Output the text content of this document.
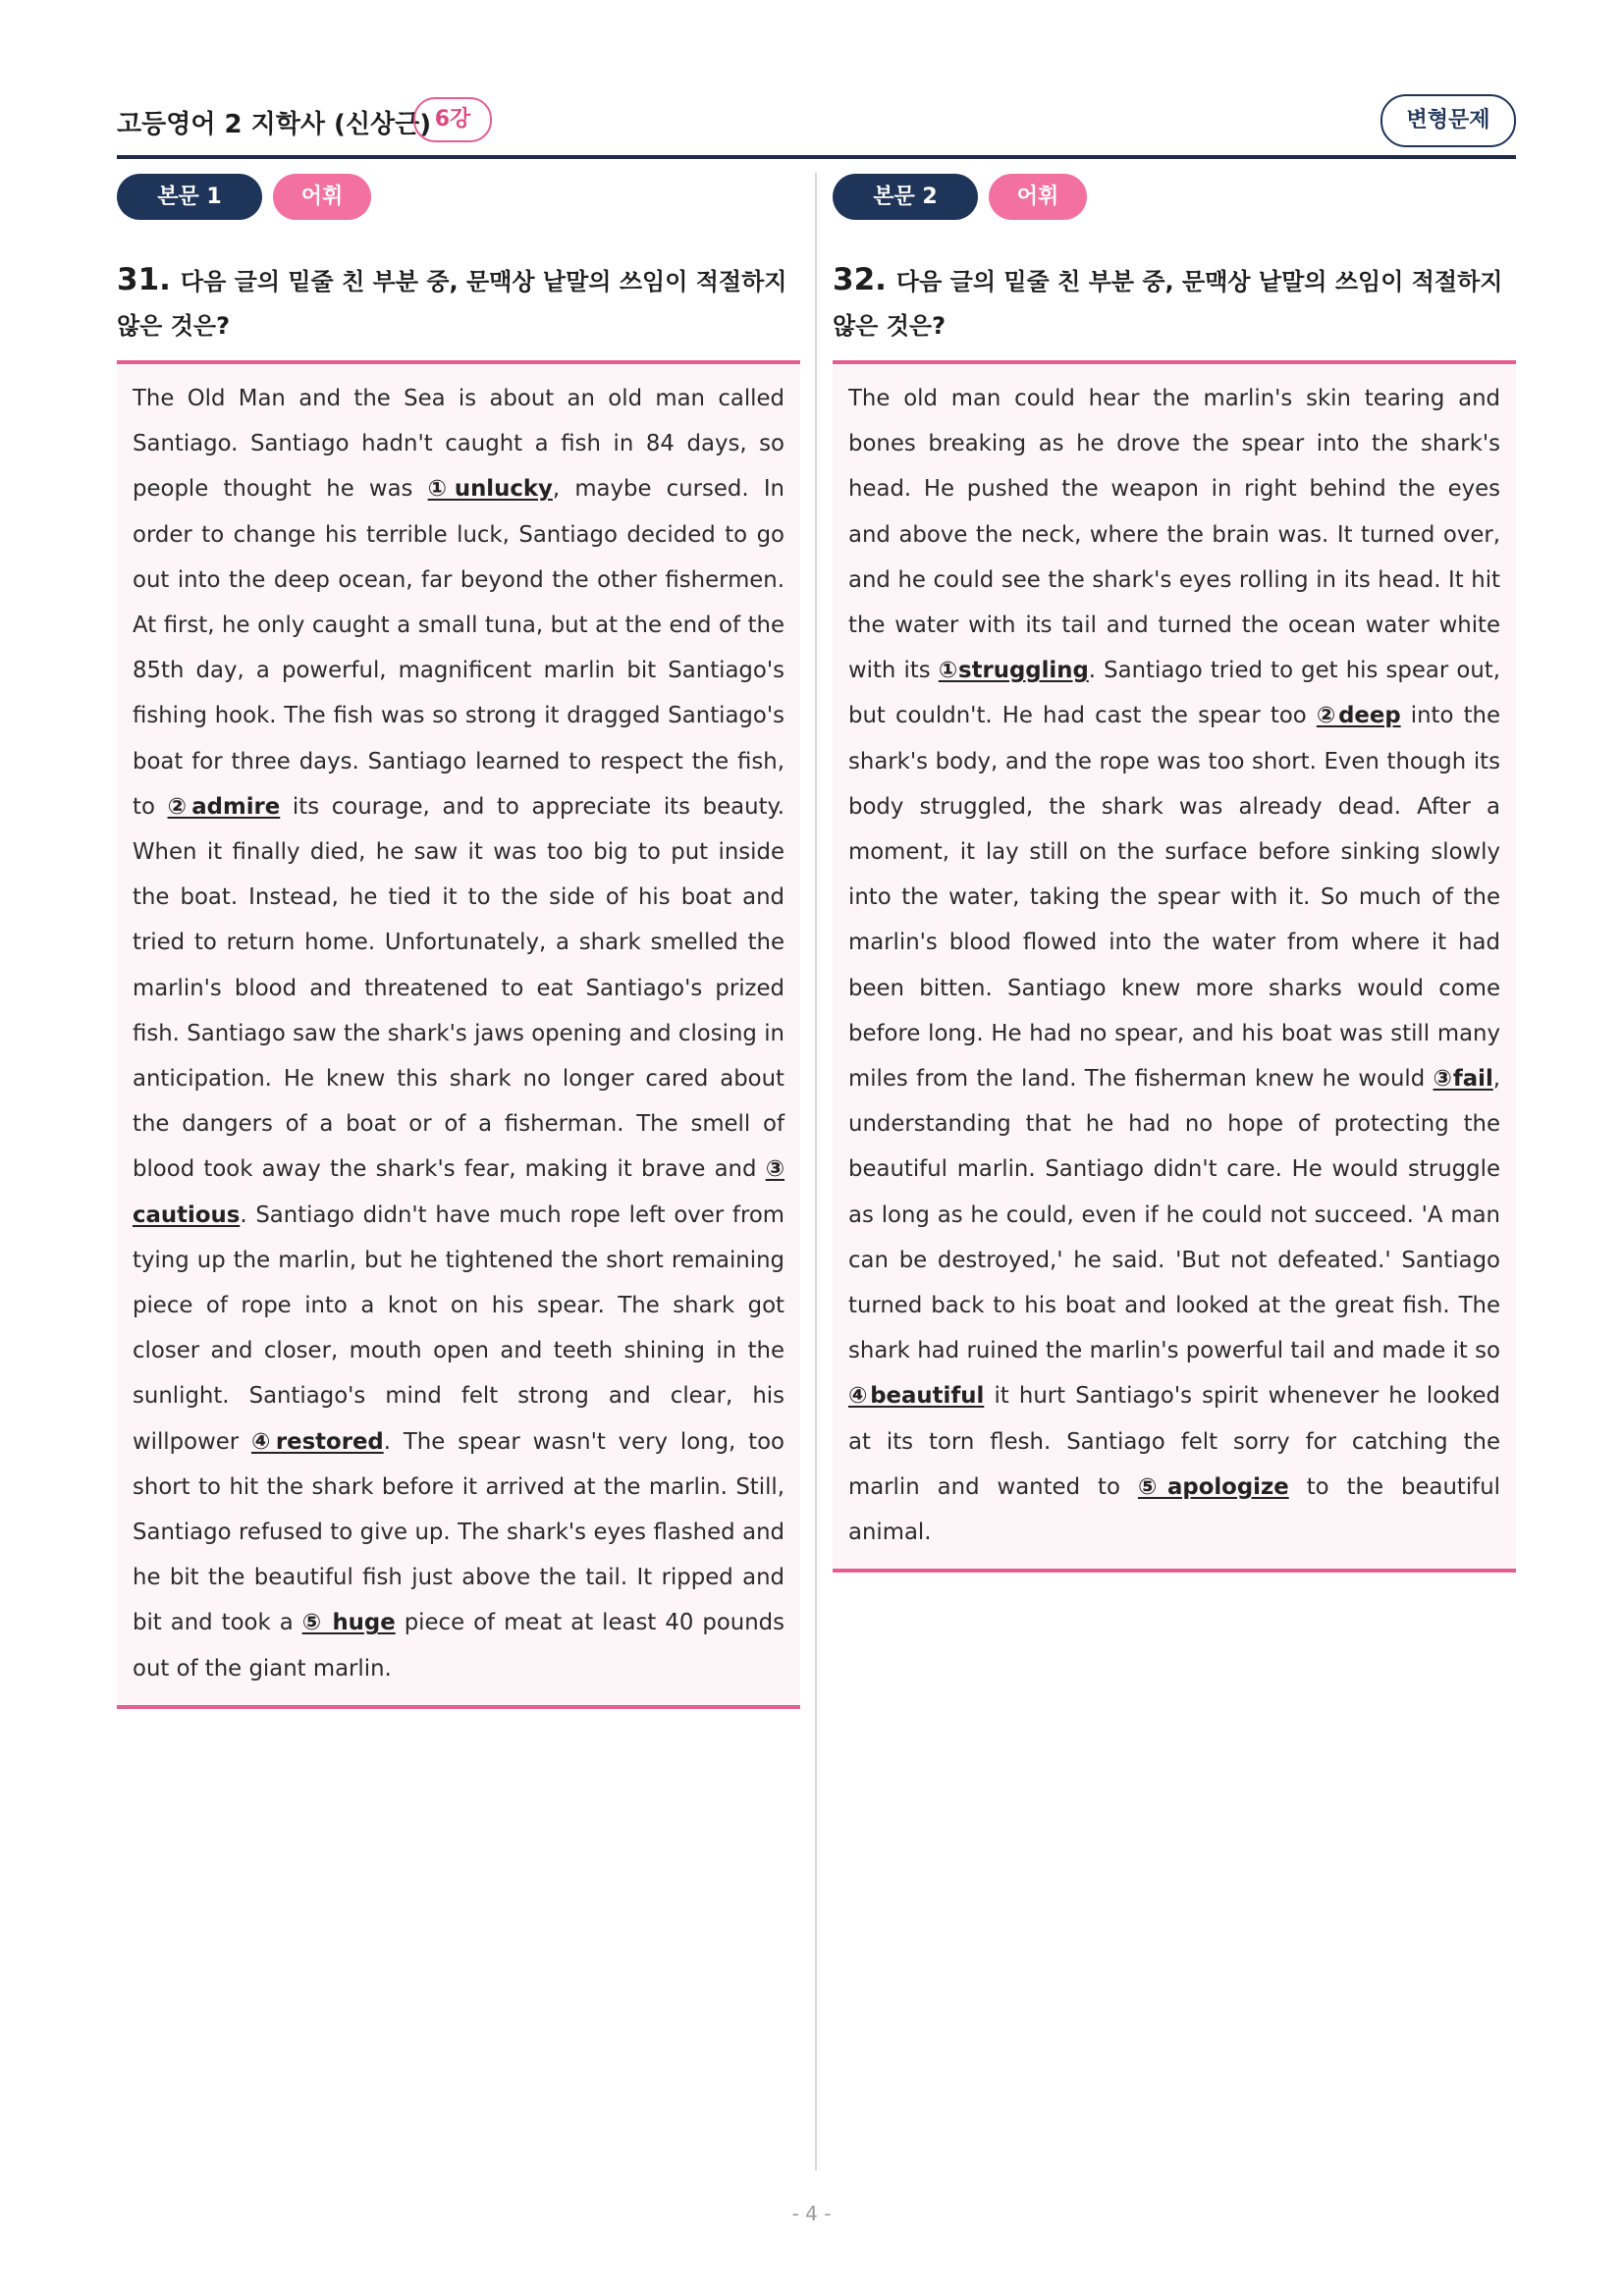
고등영어 2 지학사 (신상근) 6강	변형문제
본문 1	어휘
31. 다음 글의 밑줄 친 부분 중, 문맥상 낱말의 쓰임이 적절하지 않은 것은?

The Old Man and the Sea is about an old man called Santiago. Santiago hadn't caught a fish in 84 days, so people thought he was ①unlucky, maybe cursed. In order to change his terrible luck, Santiago decided to go out into the deep ocean, far beyond the other fishermen. At first, he only caught a small tuna, but at the end of the 85th day, a powerful, magnificent marlin bit Santiago's fishing hook. The fish was so strong it dragged Santiago's boat for three days. Santiago learned to respect the fish, to ②admire its courage, and to appreciate its beauty. When it finally died, he saw it was too big to put inside the boat. Instead, he tied it to the side of his boat and tried to return home. Unfortunately, a shark smelled the marlin's blood and threatened to eat Santiago's prized fish. Santiago saw the shark's jaws opening and closing in anticipation. He knew this shark no longer cared about the dangers of a boat or of a fisherman. The smell of blood took away the shark's fear, making it brave and ③ cautious. Santiago didn't have much rope left over from tying up the marlin, but he tightened the short remaining piece of rope into a knot on his spear. The shark got closer and closer, mouth open and teeth shining in the sunlight. Santiago's mind felt strong and clear, his willpower ④restored. The spear wasn't very long, too short to hit the shark before it arrived at the marlin. Still, Santiago refused to give up. The shark's eyes flashed and he bit the beautiful fish just above the tail. It ripped and bit and took a ⑤ huge piece of meat at least 40 pounds out of the giant marlin.

본문 2	어휘
32. 다음 글의 밑줄 친 부분 중, 문맥상 낱말의 쓰임이 적절하지 않은 것은?

The old man could hear the marlin's skin tearing and bones breaking as he drove the spear into the shark's head. He pushed the weapon in right behind the eyes and above the neck, where the brain was. It turned over, and he could see the shark's eyes rolling in its head. It hit the water with its tail and turned the ocean water white with its ①struggling. Santiago tried to get his spear out, but couldn't. He had cast the spear too ②deep into the shark's body, and the rope was too short. Even though its body struggled, the shark was already dead. After a moment, it lay still on the surface before sinking slowly into the water, taking the spear with it. So much of the marlin's blood flowed into the water from where it had been bitten. Santiago knew more sharks would come before long. He had no spear, and his boat was still many miles from the land. The fisherman knew he would ③fail, understanding that he had no hope of protecting the beautiful marlin. Santiago didn't care. He would struggle as long as he could, even if he could not succeed. 'A man can be destroyed,' he said. 'But not defeated.' Santiago turned back to his boat and looked at the great fish. The shark had ruined the marlin's powerful tail and made it so ④beautiful it hurt Santiago's spirit whenever he looked at its torn flesh. Santiago felt sorry for catching the marlin and wanted to ⑤apologize to the beautiful animal.

- 4 -
